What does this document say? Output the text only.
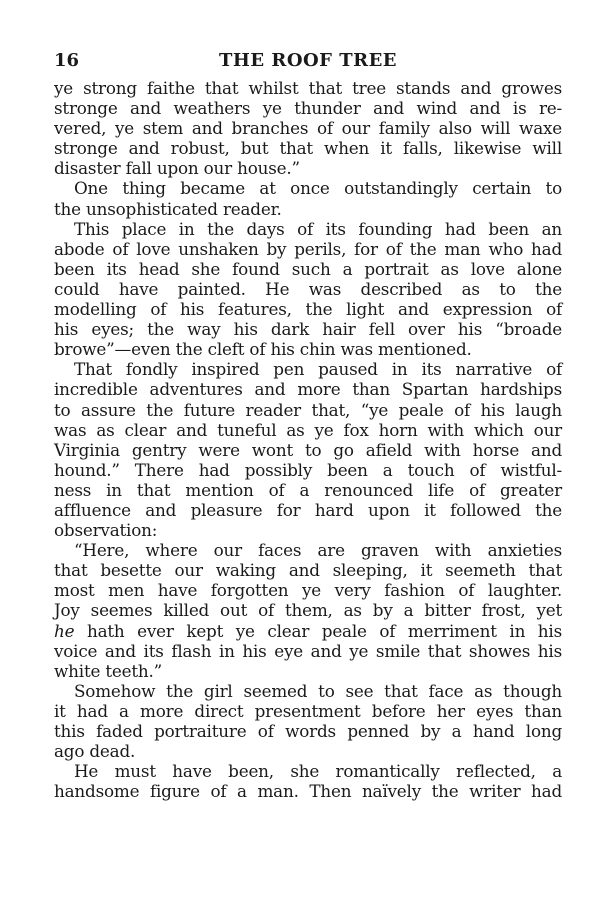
16	THE ROOF TREE
ye strong faithe that whilst that tree stands and growes
stronge and weathers ye thunder and wind and is re-
vered, ye stem and branches of our family also will waxe
stronge and robust, but that when it falls, likewise will
disaster fall upon our house.”
One thing became at once outstandingly certain to
the unsophisticated reader.
This place in the days of its founding had been an
abode of love unshaken by perils, for of the man who had
been its head she found such a portrait as love alone
could have painted. He was described as to the
modelling of his features, the light and expression of
his eyes; the way his dark hair fell over his “broade
browe”—even the cleft of his chin was mentioned.
That fondly inspired pen paused in its narrative of
incredible adventures and more than Spartan hardships
to assure the future reader that, “ye peale of his laugh
was as clear and tuneful as ye fox horn with which our
Virginia gentry were wont to go afield with horse and
hound.” There had possibly been a touch of wistful-
ness in that mention of a renounced life of greater
affluence and pleasure for hard upon it followed the
observation:
“Here, where our faces are graven with anxieties
that besette our waking and sleeping, it seemeth that
most men have forgotten ye very fashion of laughter.
Joy seemes killed out of them, as by a bitter frost, yet
he hath ever kept ye clear peale of merriment in his
voice and its flash in his eye and ye smile that showes his
white teeth.”
Somehow the girl seemed to see that face as though
it had a more direct presentment before her eyes than
this faded portraiture of words penned by a hand long
ago dead.
He must have been, she romantically reflected, a
handsome figure of a man. Then naïvely the writer had
